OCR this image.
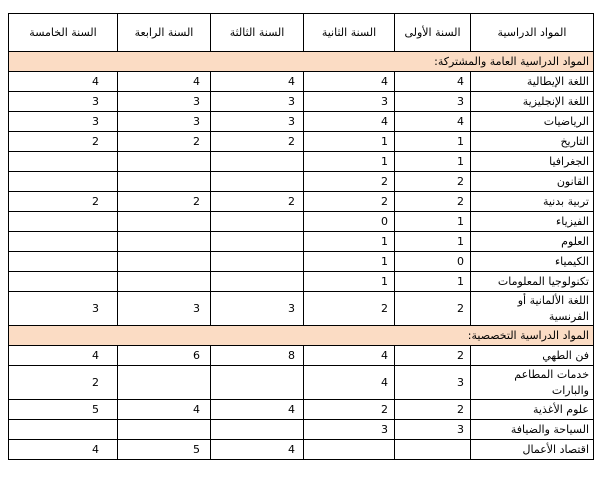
المواد الدراسية	السنة الأولى	السنة الثانية	السنة الثالثة	السنة الرابعة	السنة الخامسة
المواد الدراسية العامة والمشتركة:					
اللغة الإيطالية	4	4	4	4	4
اللغة الإنجليزية	3	3	3	3	3
الرياضيات	4	4	3	3	3
التاريخ	1	1	2	2	2
الجغرافيا	1	1			
القانون	2	2			
تربية بدنية	2	2	2	2	2
الفيزياء	1	0			
العلوم	1	1			
الكيمياء	0	1			
تكنولوجيا المعلومات	1	1			
اللغة الألمانية أو الفرنسية	2	2	3	3	3
المواد الدراسية التخصصية:					
فن الطهي	2	4	8	6	4
خدمات المطاعم والبارات	3	4			2
علوم الأغذية	2	2	4	4	5
السياحة والضيافة	3	3			
اقتصاد الأعمال			4	5	4
